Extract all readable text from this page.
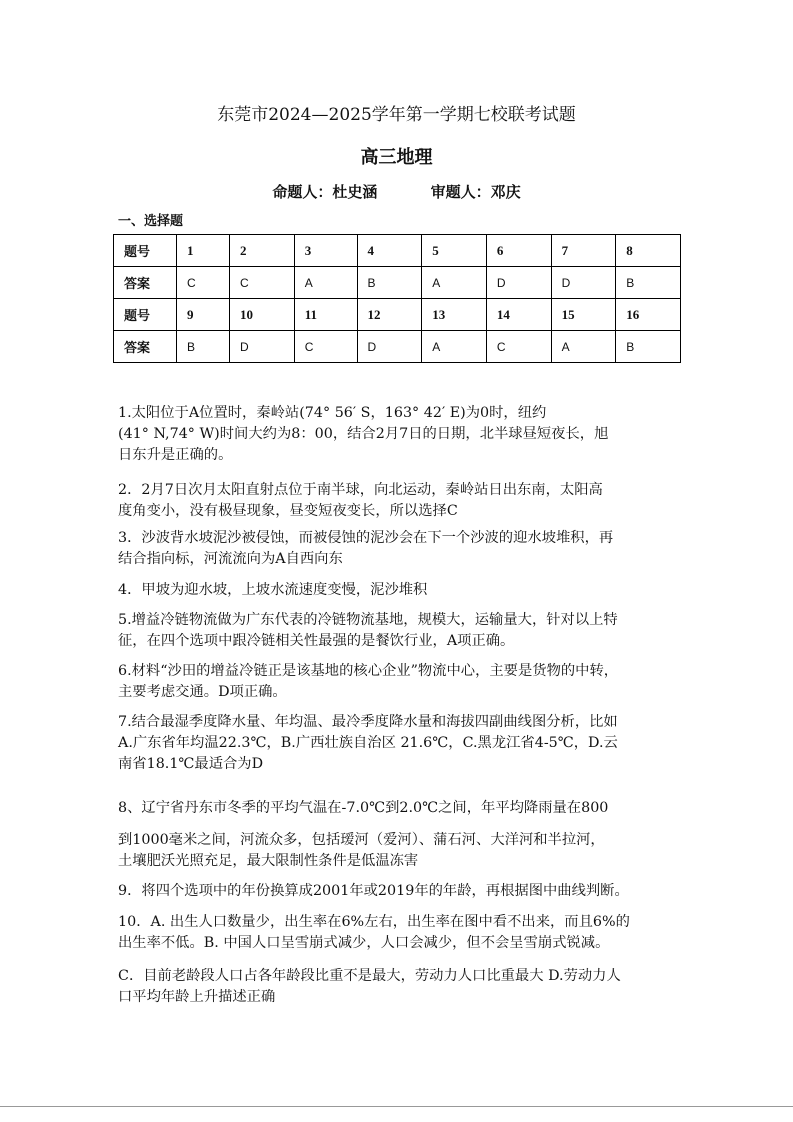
东莞市2024—2025学年第一学期七校联考试题
高三地理
命题人：杜史涵	审题人：邓庆
一、选择题
题号	1	2	3	4	5	6	7	8
答案	C	C	A	B	A	D	D	B
题号	9	10	11	12	13	14	15	16
答案	B	D	C	D	A	C	A	B
1.太阳位于A位置时，秦岭站(74° 56′ S，163° 42′ E)为0时，纽约
(41° N,74° W)时间大约为8：00，结合2月7日的日期，北半球昼短夜长，旭
日东升是正确的。
2．2月7日次月太阳直射点位于南半球，向北运动，秦岭站日出东南，太阳高
度角变小，没有极昼现象，昼变短夜变长，所以选择C
3．沙波背水坡泥沙被侵蚀，而被侵蚀的泥沙会在下一个沙波的迎水坡堆积，再
结合指向标，河流流向为A自西向东
4．甲坡为迎水坡，上坡水流速度变慢，泥沙堆积
5.增益冷链物流做为广东代表的冷链物流基地，规模大，运输量大，针对以上特
征，在四个选项中跟冷链相关性最强的是餐饮行业，A项正确。
6.材料“沙田的增益冷链正是该基地的核心企业”物流中心，主要是货物的中转，
主要考虑交通。D项正确。
7.结合最湿季度降水量、年均温、最冷季度降水量和海拔四副曲线图分析，比如
A.广东省年均温22.3℃，B.广西壮族自治区 21.6℃，C.黑龙江省4-5℃，D.云
南省18.1℃最适合为D
8、辽宁省丹东市冬季的平均气温在-7.0℃到2.0℃之间，年平均降雨量在800
到1000毫米之间，河流众多，包括瑷河（爱河）、蒲石河、大洋河和半拉河，
土壤肥沃光照充足，最大限制性条件是低温冻害
9．将四个选项中的年份换算成2001年或2019年的年龄，再根据图中曲线判断。
10．A. 出生人口数量少，出生率在6%左右，出生率在图中看不出来，而且6%的
出生率不低。B. 中国人口呈雪崩式减少，人口会减少，但不会呈雪崩式锐减。
C．目前老龄段人口占各年龄段比重不是最大，劳动力人口比重最大 D.劳动力人
口平均年龄上升描述正确
